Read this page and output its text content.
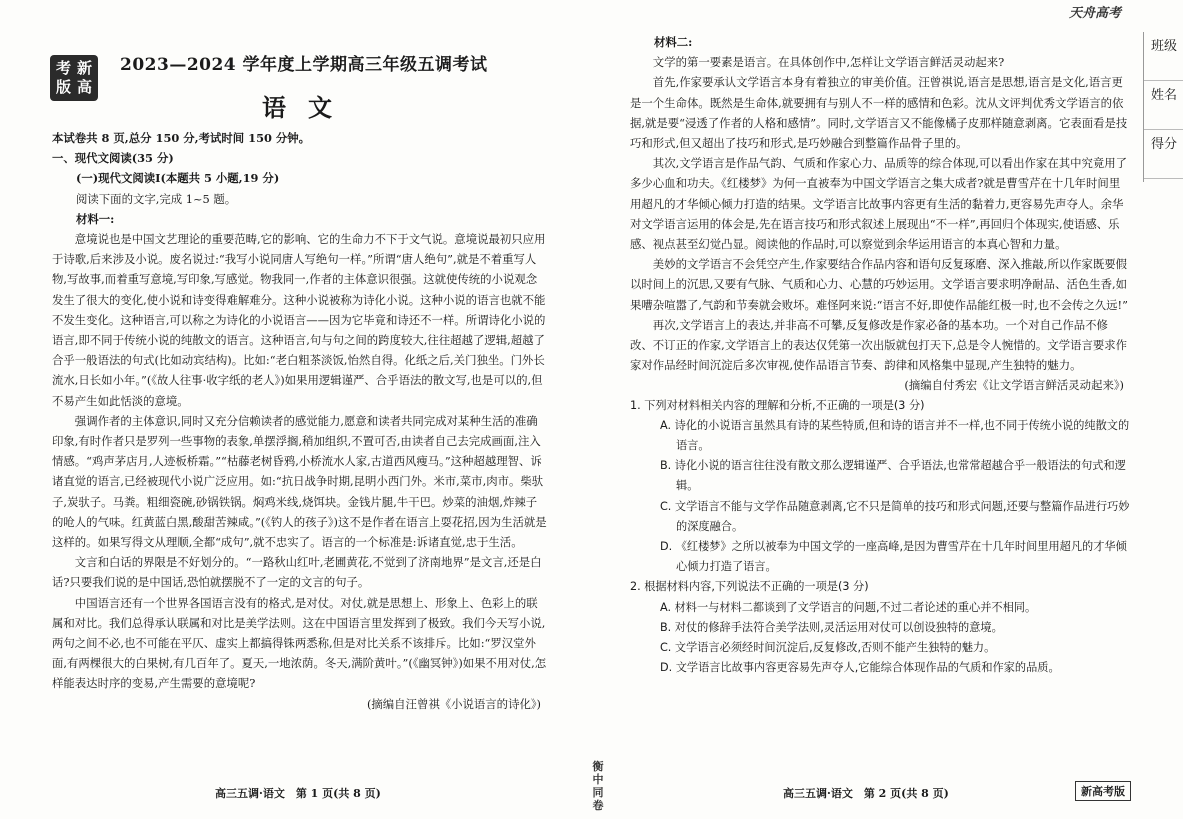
考 新
版 高
2023—2024 学年度上学期高三年级五调考试
语文

本试卷共 8 页,总分 150 分,考试时间 150 分钟。

一、现代文阅读(35 分)

(一)现代文阅读Ⅰ(本题共 5 小题,19 分)

阅读下面的文字,完成 1~5 题。

材料一:

意境说也是中国文艺理论的重要范畴,它的影响、它的生命力不下于文气说。意境说最初只应用于诗歌,后来涉及小说。废名说过:“我写小说同唐人写绝句一样。”所谓“唐人绝句”,就是不着重写人物,写故事,而着重写意境,写印象,写感觉。物我同一,作者的主体意识很强。这就使传统的小说观念发生了很大的变化,使小说和诗变得难解难分。这种小说被称为诗化小说。这种小说的语言也就不能不发生变化。这种语言,可以称之为诗化的小说语言——因为它毕竟和诗还不一样。所谓诗化小说的语言,即不同于传统小说的纯散文的语言。这种语言,句与句之间的跨度较大,往往超越了逻辑,超越了合乎一般语法的句式(比如动宾结构)。比如:“老白粗茶淡饭,怡然自得。化纸之后,关门独坐。门外长流水,日长如小年。”(《故人往事·收字纸的老人》)如果用逻辑谨严、合乎语法的散文写,也是可以的,但不易产生如此恬淡的意境。

强调作者的主体意识,同时又充分信赖读者的感觉能力,愿意和读者共同完成对某种生活的准确印象,有时作者只是罗列一些事物的表象,单摆浮搁,稍加组织,不置可否,由读者自己去完成画面,注入情感。“鸡声茅店月,人迹板桥霜。”“枯藤老树昏鸦,小桥流水人家,古道西风瘦马。”这种超越理智、诉诸直觉的语言,已经被现代小说广泛应用。如:“抗日战争时期,昆明小西门外。米市,菜市,肉市。柴驮子,炭驮子。马粪。粗细瓷碗,砂锅铁锅。焖鸡米线,烧饵块。金钱片腿,牛干巴。炒菜的油烟,炸辣子的呛人的气味。红黄蓝白黑,酸甜苦辣咸。”(《钓人的孩子》)这不是作者在语言上耍花招,因为生活就是这样的。如果写得文从理顺,全都“成句”,就不忠实了。语言的一个标准是:诉诸直觉,忠于生活。

文言和白话的界限是不好划分的。“一路秋山红叶,老圃黄花,不觉到了济南地界”是文言,还是白话?只要我们说的是中国话,恐怕就摆脱不了一定的文言的句子。

中国语言还有一个世界各国语言没有的格式,是对仗。对仗,就是思想上、形象上、色彩上的联属和对比。我们总得承认联属和对比是美学法则。这在中国语言里发挥到了极致。我们今天写小说,两句之间不必,也不可能在平仄、虚实上都搞得铢两悉称,但是对比关系不该排斥。比如:“罗汉堂外面,有两棵很大的白果树,有几百年了。夏天,一地浓荫。冬天,满阶黄叶。”(《幽冥钟》)如果不用对仗,怎样能表达时序的变易,产生需要的意境呢?

(摘编自汪曾祺《小说语言的诗化》)

高三五调·语文　第 1 页(共 8 页)
衡中同卷

材料二:

文学的第一要素是语言。在具体创作中,怎样让文学语言鲜活灵动起来?

首先,作家要承认文学语言本身有着独立的审美价值。汪曾祺说,语言是思想,语言是文化,语言更是一个生命体。既然是生命体,就要拥有与别人不一样的感情和色彩。沈从文评判优秀文学语言的依据,就是要“浸透了作者的人格和感情”。同时,文学语言又不能像橘子皮那样随意剥离。它表面看是技巧和形式,但又超出了技巧和形式,是巧妙融合到整篇作品骨子里的。

其次,文学语言是作品气韵、气质和作家心力、品质等的综合体现,可以看出作家在其中究竟用了多少心血和功夫。《红楼梦》为何一直被奉为中国文学语言之集大成者?就是曹雪芹在十几年时间里用超凡的才华倾心倾力打造的结果。文学语言比故事内容更有生活的黏着力,更容易先声夺人。余华对文学语言运用的体会是,先在语言技巧和形式叙述上展现出“不一样”,再回归个体现实,使语感、乐感、视点甚至幻觉凸显。阅读他的作品时,可以察觉到余华运用语言的本真心智和力量。

美妙的文学语言不会凭空产生,作家要结合作品内容和语句反复琢磨、深入推敲,所以作家既要假以时间上的沉思,又要有气脉、气质和心力、心慧的巧妙运用。文学语言要求明净耐品、活色生香,如果嘈杂喧嚣了,气韵和节奏就会败坏。难怪阿来说:“语言不好,即使作品能红极一时,也不会传之久远!”

再次,文学语言上的表达,并非高不可攀,反复修改是作家必备的基本功。一个对自己作品不修改、不订正的作家,文学语言上的表达仅凭第一次出版就包打天下,总是令人惋惜的。文学语言要求作家对作品经时间沉淀后多次审视,使作品语言节奏、韵律和风格集中显现,产生独特的魅力。

(摘编自付秀宏《让文学语言鲜活灵动起来》)

1. 下列对材料相关内容的理解和分析,不正确的一项是(3 分)

A. 诗化的小说语言虽然具有诗的某些特质,但和诗的语言并不一样,也不同于传统小说的纯散文的语言。

B. 诗化小说的语言往往没有散文那么逻辑谨严、合乎语法,也常常超越合乎一般语法的句式和逻辑。

C. 文学语言不能与文学作品随意剥离,它不只是简单的技巧和形式问题,还要与整篇作品进行巧妙的深度融合。

D. 《红楼梦》之所以被奉为中国文学的一座高峰,是因为曹雪芹在十几年时间里用超凡的才华倾心倾力打造了语言。

2. 根据材料内容,下列说法不正确的一项是(3 分)

A. 材料一与材料二都谈到了文学语言的问题,不过二者论述的重心并不相同。

B. 对仗的修辞手法符合美学法则,灵活运用对仗可以创设独特的意境。

C. 文学语言必须经时间沉淀后,反复修改,否则不能产生独特的魅力。

D. 文学语言比故事内容更容易先声夺人,它能综合体现作品的气质和作家的品质。

高三五调·语文　第 2 页(共 8 页)	新高考版
天舟高考
班级
姓名
得分
